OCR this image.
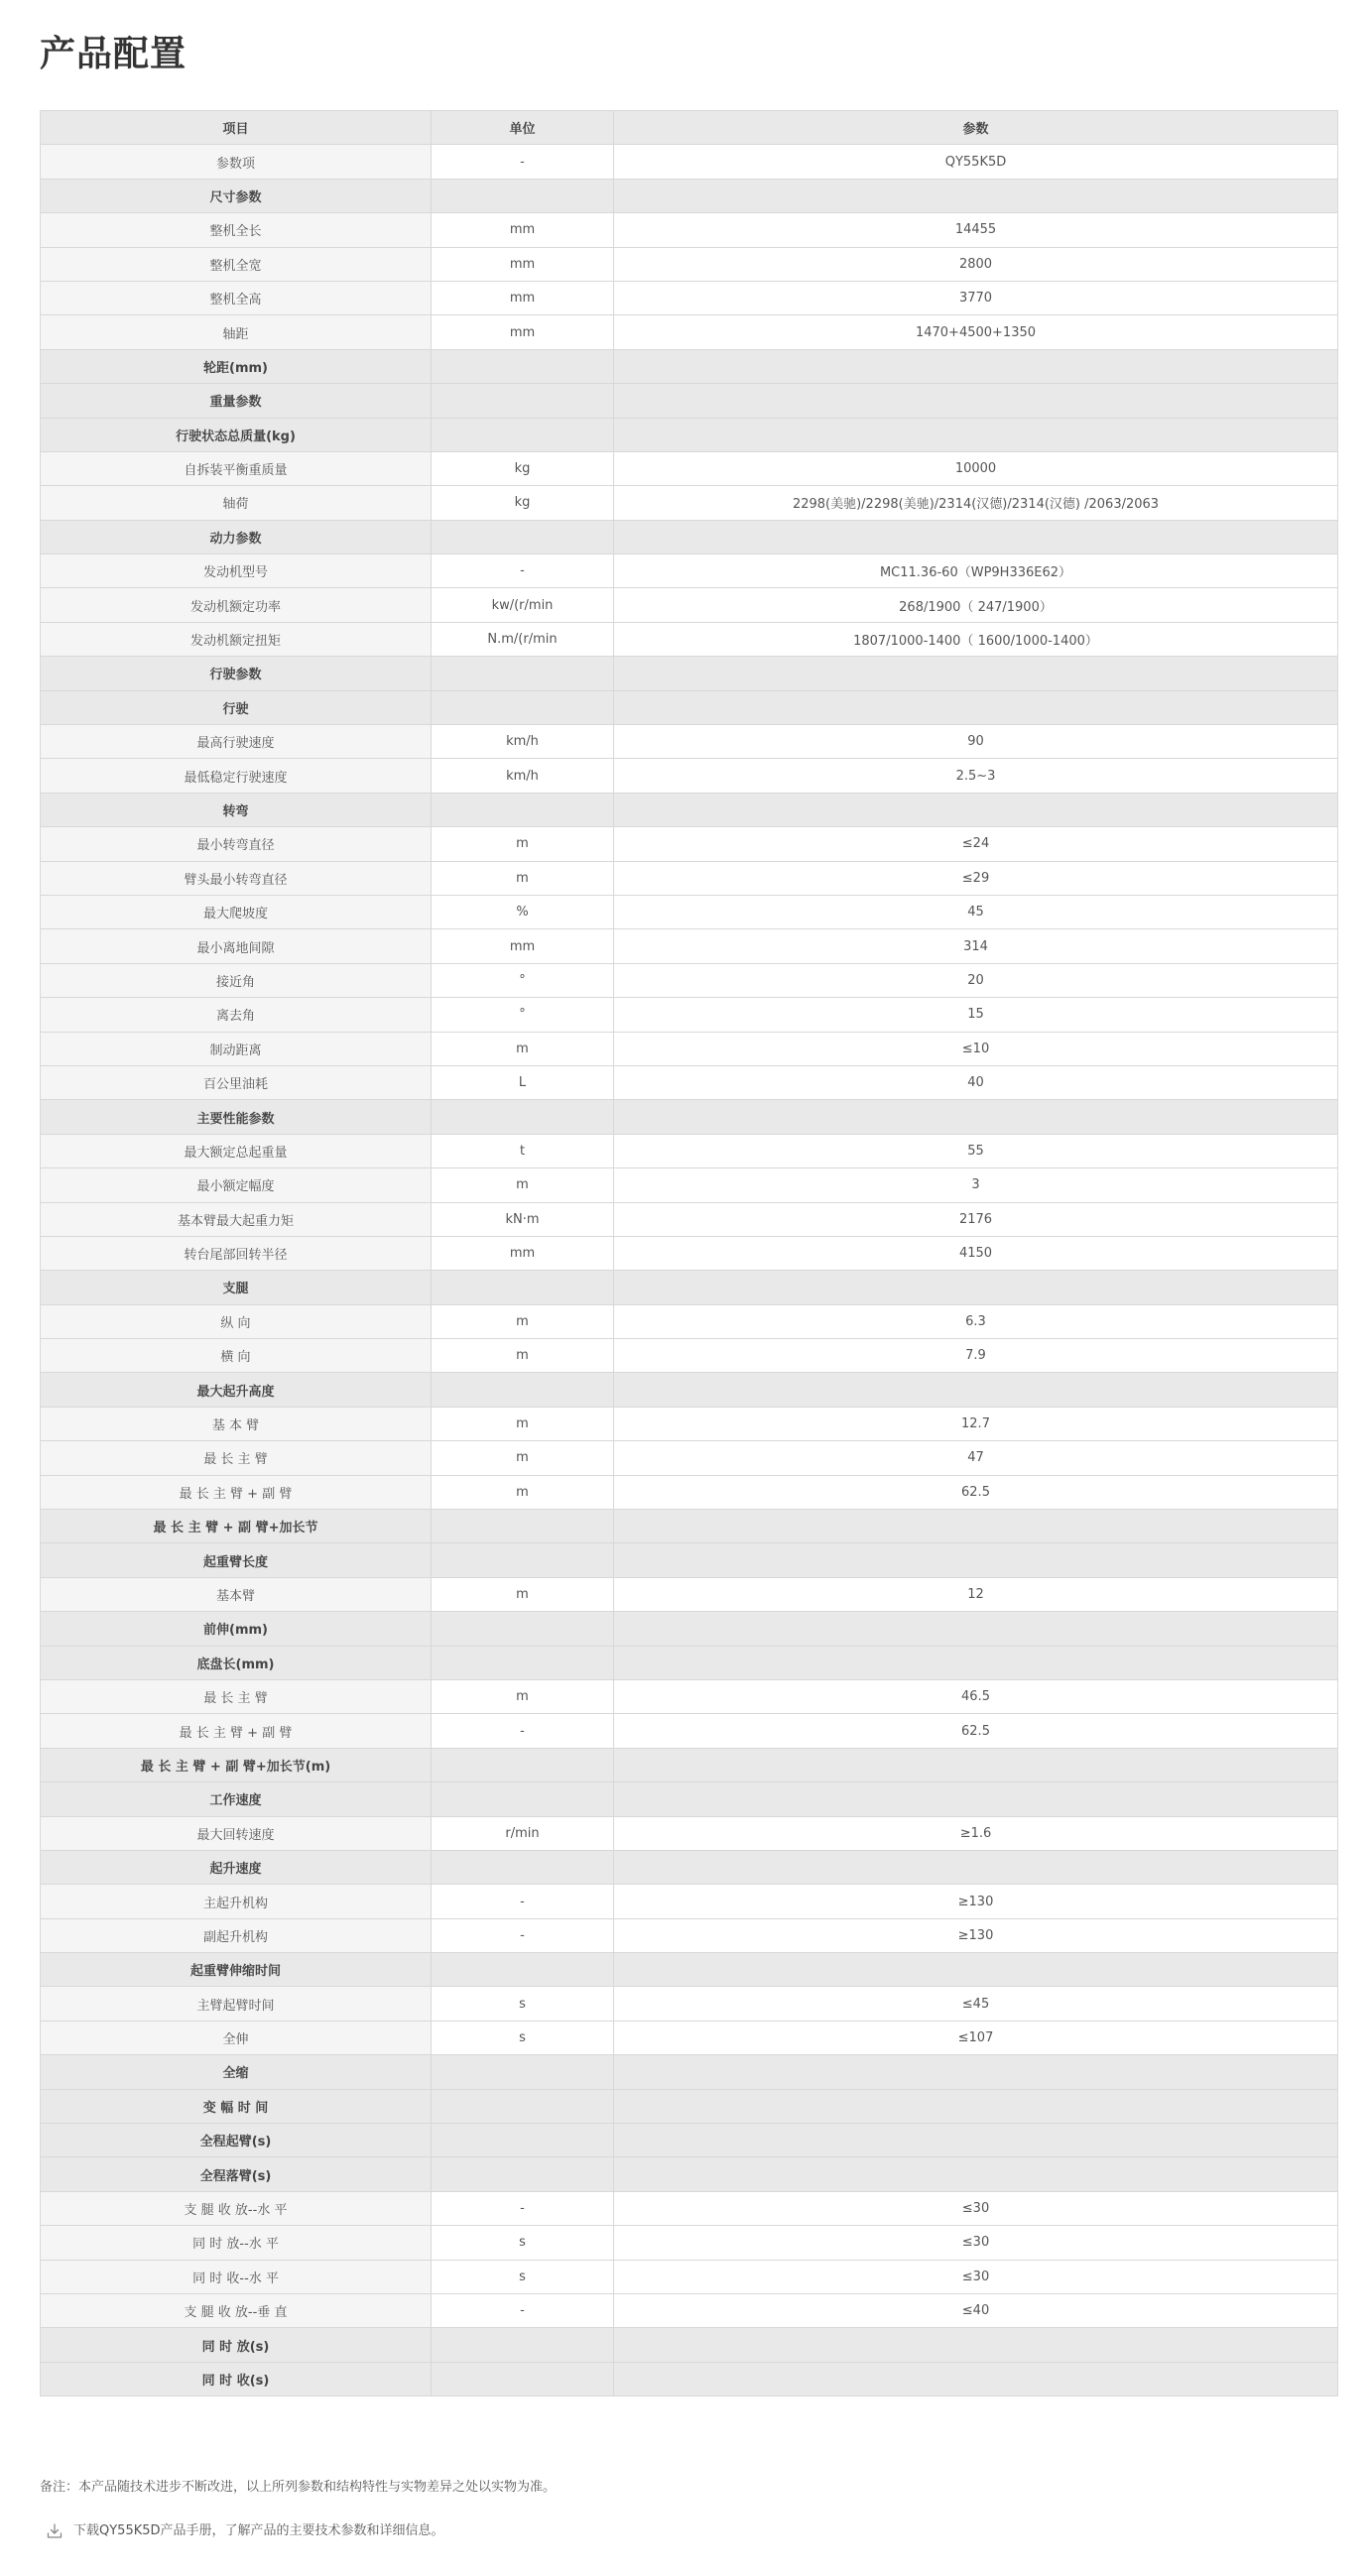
产品配置
项目	单位	参数
参数项	-	QY55K5D
尺寸参数		
整机全长	mm	14455
整机全宽	mm	2800
整机全高	mm	3770
轴距	mm	1470+4500+1350
轮距(mm)		
重量参数		
行驶状态总质量(kg)		
自拆装平衡重质量	kg	10000
轴荷	kg	2298(美驰)/2298(美驰)/2314(汉德)/2314(汉德) /2063/2063
动力参数		
发动机型号	-	MC11.36-60（WP9H336E62）
发动机额定功率	kw/(r/min	268/1900（ 247/1900）
发动机额定扭矩	N.m/(r/min	1807/1000-1400（ 1600/1000-1400）
行驶参数		
行驶		
最高行驶速度	km/h	90
最低稳定行驶速度	km/h	2.5~3
转弯		
最小转弯直径	m	≤24
臂头最小转弯直径	m	≤29
最大爬坡度	%	45
最小离地间隙	mm	314
接近角	°	20
离去角	°	15
制动距离	m	≤10
百公里油耗	L	40
主要性能参数		
最大额定总起重量	t	55
最小额定幅度	m	3
基本臂最大起重力矩	kN·m	2176
转台尾部回转半径	mm	4150
支腿		
纵 向	m	6.3
横 向	m	7.9
最大起升高度		
基 本 臂	m	12.7
最 长 主 臂	m	47
最 长 主 臂 + 副 臂	m	62.5
最 长 主 臂 + 副 臂+加长节		
起重臂长度		
基本臂	m	12
前伸(mm)		
底盘长(mm)		
最 长 主 臂	m	46.5
最 长 主 臂 + 副 臂	-	62.5
最 长 主 臂 + 副 臂+加长节(m)		
工作速度		
最大回转速度	r/min	≥1.6
起升速度		
主起升机构	-	≥130
副起升机构	-	≥130
起重臂伸缩时间		
主臂起臂时间	s	≤45
全伸	s	≤107
全缩		
变 幅 时 间		
全程起臂(s)		
全程落臂(s)		
支 腿 收 放--水 平	-	≤30
同 时 放--水 平	s	≤30
同 时 收--水 平	s	≤30
支 腿 收 放--垂 直	-	≤40
同 时 放(s)		
同 时 收(s)		
备注：本产品随技术进步不断改进，以上所列参数和结构特性与实物差异之处以实物为准。
下载QY55K5D产品手册，了解产品的主要技术参数和详细信息。
